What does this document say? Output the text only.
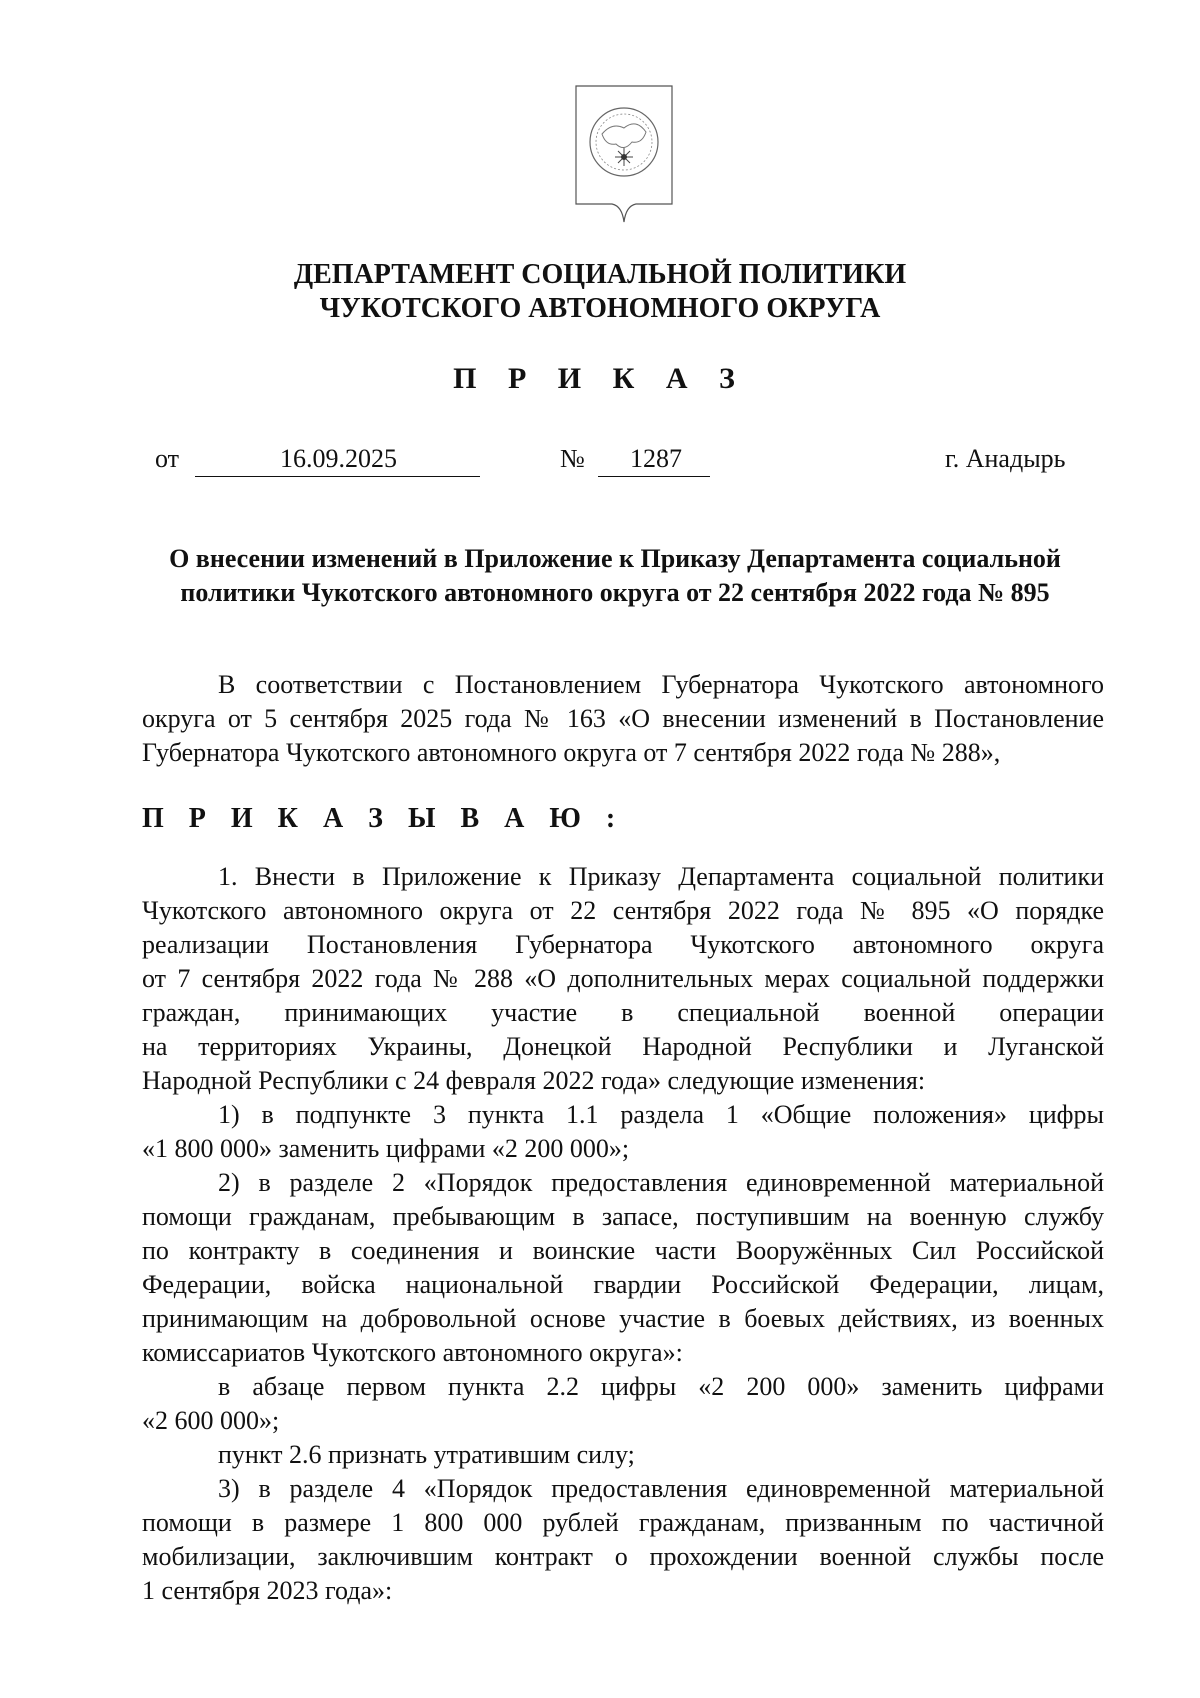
ДЕПАРТАМЕНТ СОЦИАЛЬНОЙ ПОЛИТИКИ
ЧУКОТСКОГО АВТОНОМНОГО ОКРУГА
П Р И К А З
от	16.09.2025	№ 1287	г. Анадырь
О внесении изменений в Приложение к Приказу Департамента социальной
политики Чукотского автономного округа от 22 сентября 2022 года № 895
В соответствии с Постановлением Губернатора Чукотского автономного
округа от 5 сентября 2025 года № 163 «О внесении изменений в Постановление
Губернатора Чукотского автономного округа от 7 сентября 2022 года № 288»,
П Р И К А З Ы В А Ю :
1. Внести в Приложение к Приказу Департамента социальной политики
Чукотского автономного округа от 22 сентября 2022 года № 895 «О порядке
реализации Постановления Губернатора Чукотского автономного округа
от 7 сентября 2022 года № 288 «О дополнительных мерах социальной поддержки
граждан, принимающих участие в специальной военной операции
на территориях Украины, Донецкой Народной Республики и Луганской
Народной Республики с 24 февраля 2022 года» следующие изменения:
1) в подпункте 3 пункта 1.1 раздела 1 «Общие положения» цифры
«1 800 000» заменить цифрами «2 200 000»;
2) в разделе 2 «Порядок предоставления единовременной материальной
помощи гражданам, пребывающим в запасе, поступившим на военную службу
по контракту в соединения и воинские части Вооружённых Сил Российской
Федерации, войска национальной гвардии Российской Федерации, лицам,
принимающим на добровольной основе участие в боевых действиях, из военных
комиссариатов Чукотского автономного округа»:
в абзаце первом пункта 2.2 цифры «2 200 000» заменить цифрами
«2 600 000»;
пункт 2.6 признать утратившим силу;
3) в разделе 4 «Порядок предоставления единовременной материальной
помощи в размере 1 800 000 рублей гражданам, призванным по частичной
мобилизации, заключившим контракт о прохождении военной службы после
1 сентября 2023 года»:
